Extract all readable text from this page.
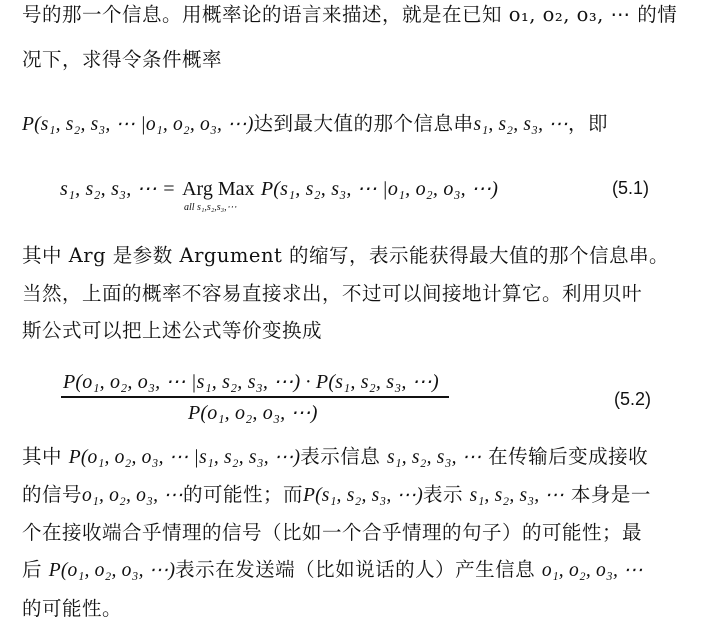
号的那一个信息。用概率论的语言来描述，就是在已知 o₁, o₂, o₃, ⋯ 的情
况下，求得令条件概率
P(s₁, s₂, s₃, ⋯ |o₁, o₂, o₃, ⋯)达到最大值的那个信息串s₁, s₂, s₃, ⋯，即
s₁, s₂, s₃, ⋯ = Arg Max P(s₁, s₂, s₃, ⋯ |o₁, o₂, o₃, ⋯)
all s₁,s₂,s₃,⋯
(5.1)
其中 Arg 是参数 Argument 的缩写，表示能获得最大值的那个信息串。
当然，上面的概率不容易直接求出，不过可以间接地计算它。利用贝叶
斯公式可以把上述公式等价变换成
P(o₁, o₂, o₃, ⋯ |s₁, s₂, s₃, ⋯) · P(s₁, s₂, s₃, ⋯)
P(o₁, o₂, o₃, ⋯)
(5.2)
其中 P(o₁, o₂, o₃, ⋯ |s₁, s₂, s₃, ⋯)表示信息 s₁, s₂, s₃, ⋯ 在传输后变成接收
的信号o₁, o₂, o₃, ⋯的可能性；而P(s₁, s₂, s₃, ⋯)表示 s₁, s₂, s₃, ⋯ 本身是一
个在接收端合乎情理的信号（比如一个合乎情理的句子）的可能性；最
后 P(o₁, o₂, o₃, ⋯)表示在发送端（比如说话的人）产生信息 o₁, o₂, o₃, ⋯
的可能性。
